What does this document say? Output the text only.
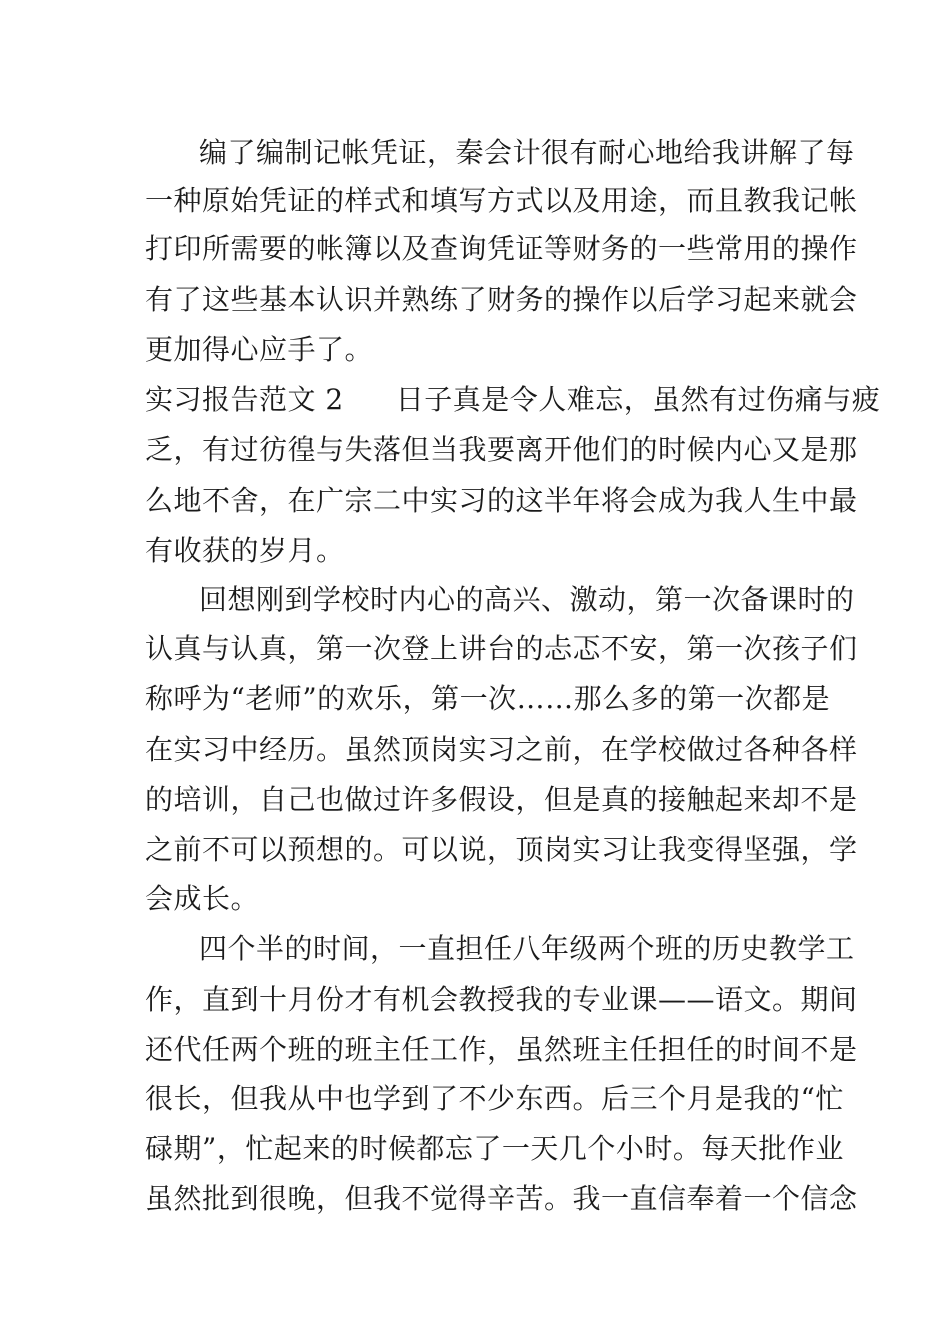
编了编制记帐凭证，秦会计很有耐心地给我讲解了每
一种原始凭证的样式和填写方式以及用途，而且教我记帐
打印所需要的帐簿以及查询凭证等财务的一些常用的操作
有了这些基本认识并熟练了财务的操作以后学习起来就会
更加得心应手了。
实习报告范文 2 日子真是令人难忘，虽然有过伤痛与疲
乏，有过彷徨与失落但当我要离开他们的时候内心又是那
么地不舍，在广宗二中实习的这半年将会成为我人生中最
有收获的岁月。
回想刚到学校时内心的高兴、激动，第一次备课时的
认真与认真，第一次登上讲台的忐忑不安，第一次孩子们
称呼为“老师”的欢乐，第一次……那么多的第一次都是
在实习中经历。虽然顶岗实习之前，在学校做过各种各样
的培训，自己也做过许多假设，但是真的接触起来却不是
之前不可以预想的。可以说，顶岗实习让我变得坚强，学
会成长。
四个半的时间，一直担任八年级两个班的历史教学工
作，直到十月份才有机会教授我的专业课——语文。期间
还代任两个班的班主任工作，虽然班主任担任的时间不是
很长，但我从中也学到了不少东西。后三个月是我的“忙
碌期”，忙起来的时候都忘了一天几个小时。每天批作业
虽然批到很晚，但我不觉得辛苦。我一直信奉着一个信念
